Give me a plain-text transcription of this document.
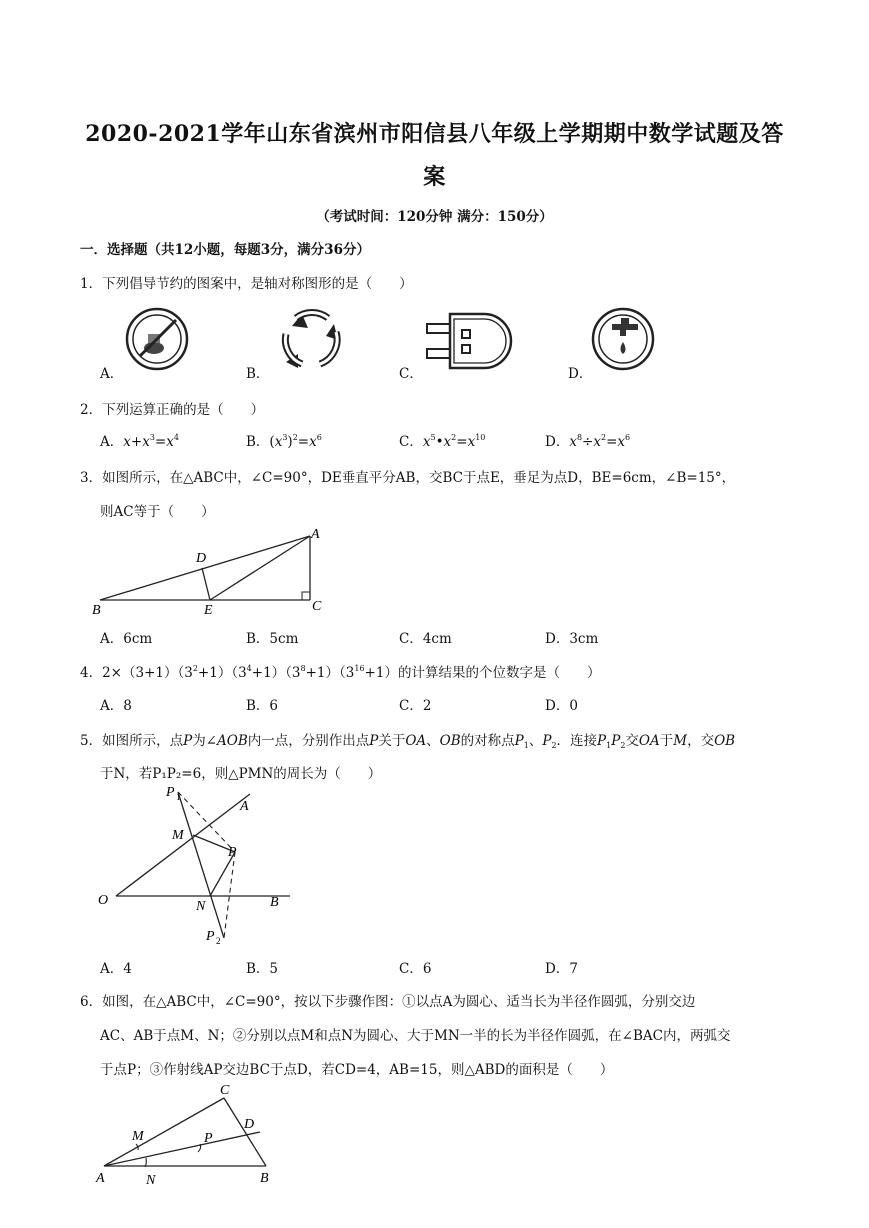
2020-2021学年山东省滨州市阳信县八年级上学期期中数学试题及答
案
（考试时间：120分钟 满分：150分）
一．选择题（共12小题，每题3分，满分36分）
1．下列倡导节约的图案中，是轴对称图形的是（　　）
A．	B．	C．	D．
2．下列运算正确的是（　　）
A．$x+x^3=x^4$	B．$(x^3)^2=x^6$	C．$x^5•x^2=x^{10}$	D．$x^8\div x^2=x^6$
3．如图所示，在△ABC中，∠C=90°，DE垂直平分AB，交BC于点E，垂足为点D，BE=6cm，∠B=15°，
则AC等于（　　）
B	E	C
A
D
A．6cm	B．5cm	C．4cm	D．3cm
4．$2\times(3+1)(3^2+1)(3^4+1)(3^8+1)(3^{16}+1)$的计算结果的个位数字是（　　）
A．8	B．6	C．2	D．0
5．如图所示，点P为∠AOB内一点，分别作出点P关于OA、OB的对称点$P_1$、$P_2$．连接$P_1P_2$交OA于M，交OB
于N，若P₁P₂=6，则△PMN的周长为（　　）
P 1
A
M
P
O	N	B
P 2
A．4	B．5	C．6	D．7
6．如图，在△ABC中，∠C=90°，按以下步骤作图：①以点A为圆心、适当长为半径作圆弧，分别交边
AC、AB于点M、N；②分别以点M和点N为圆心、大于MN一半的长为半径作圆弧，在∠BAC内，两弧交
于点P；③作射线AP交边BC于点D，若CD=4，AB=15，则△ABD的面积是（　　）
C
M
D
P
A	N	B
